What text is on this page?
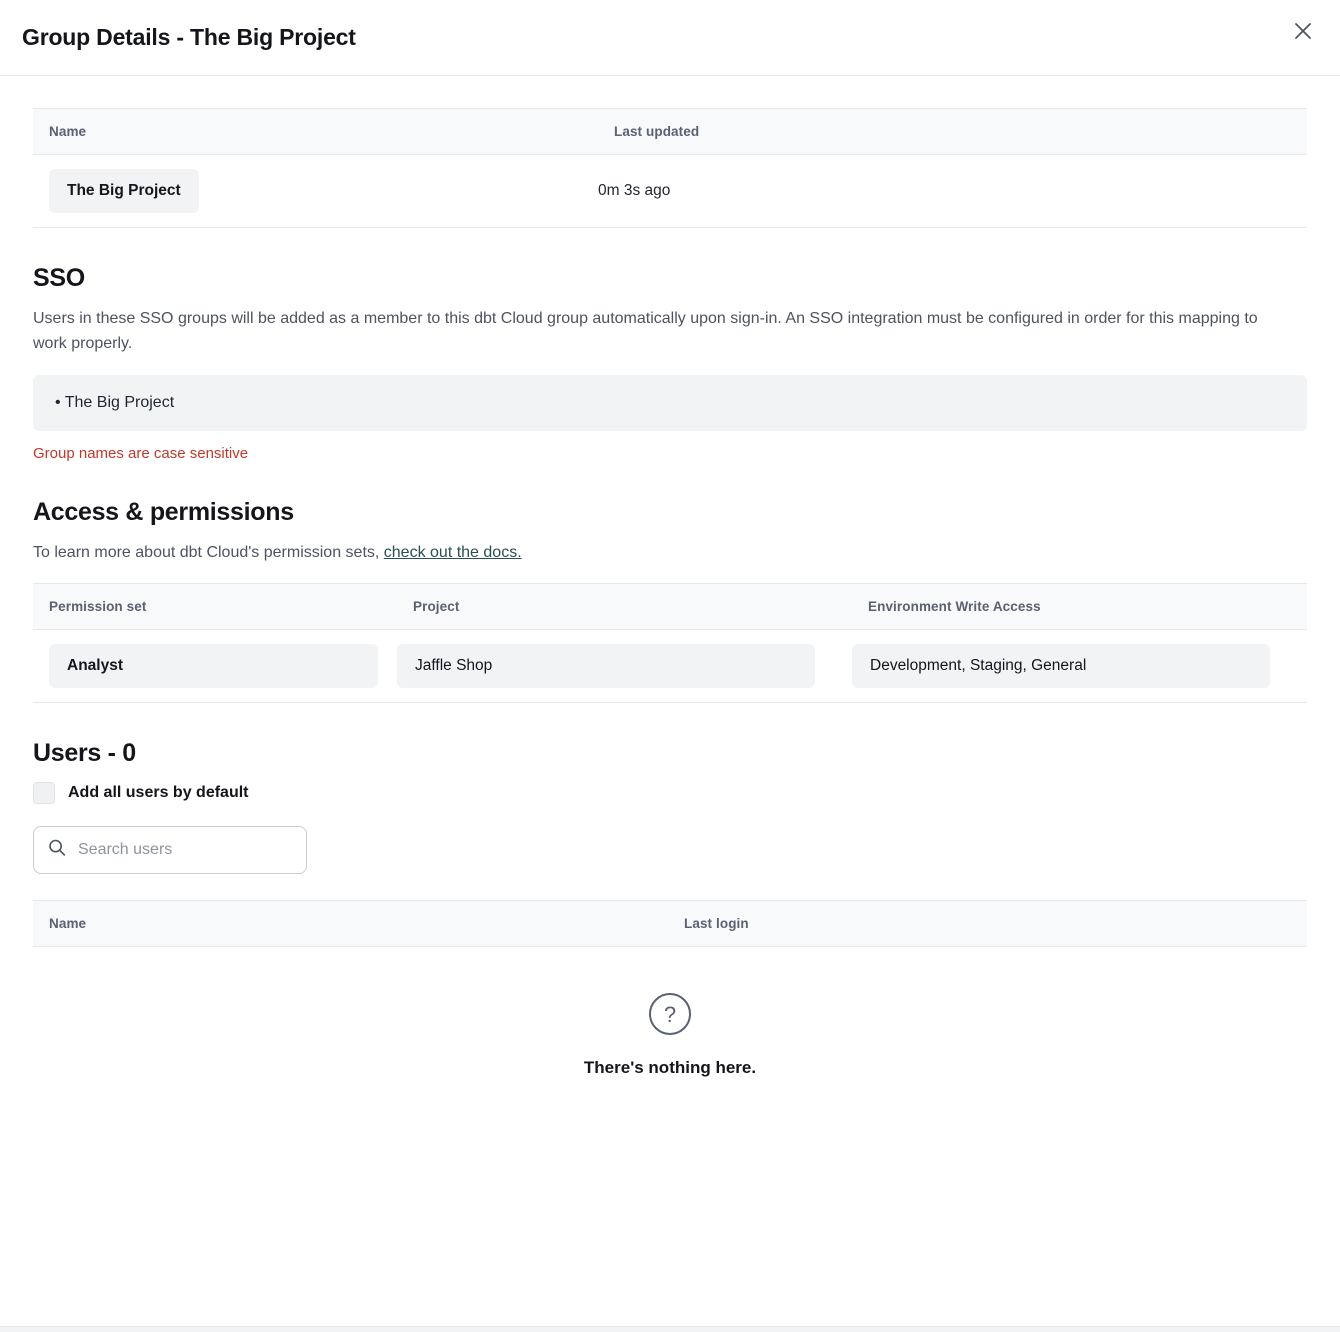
Group Details - The Big Project
Name	Last updated
The Big Project	0m 3s ago
SSO

Users in these SSO groups will be added as a member to this dbt Cloud group automatically upon sign-in. An SSO integration must be configured in order for this mapping to work properly.

• The Big Project
Group names are case sensitive
Access & permissions

To learn more about dbt Cloud's permission sets, check out the docs.

Permission set	Project	Environment Write Access

Analyst	Jaffle Shop	Development, Staging, General
Users - 0
Add all users by default
Search users
Name	Last login
?
There's nothing here.
